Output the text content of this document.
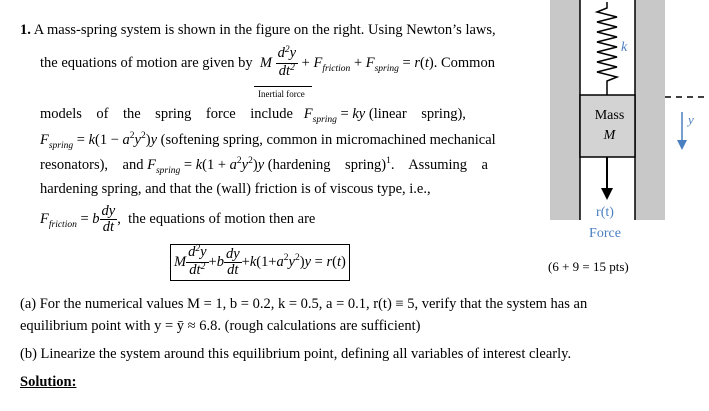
1. A mass-spring system is shown in the figure on the right. Using Newton’s laws,
the equations of motion are given by  M $\frac{d^2y}{dt^2} + F_{friction} + F_{spring} = r(t)$. Common
Inertial force
models    of    the    spring    force    include $F_{spring}$ = ky (linear    spring),
$F_{spring} = k(1 - a^2y^2)y$ (softening spring, common in micromachined mechanical
resonators),    and $F_{spring} = k(1 + a^2y^2)y$ (hardening    spring)$^1$.    Assuming    a
hardening spring, and that the (wall) friction is of viscous type, i.e.,
$F_{friction} = b \frac{dy}{dt}$ ,  the equations of motion then are
M $\frac{d^2y}{dt^2} +b \frac{dy}{dt} +k(1+a^2y^2)y = r(t)$	(6 + 9 = 15 pts)
(a) For the numerical values M = 1, b = 0.2, k = 0.5, a = 0.1, r(t) ≡ 5, verify that the system has an
equilibrium point with y = ȳ ≈ 6.8. (rough calculations are sufficient)
(b) Linearize the system around this equilibrium point, defining all variables of interest clearly.
Solution:
k
Mass
M
y
r(t)
Force
